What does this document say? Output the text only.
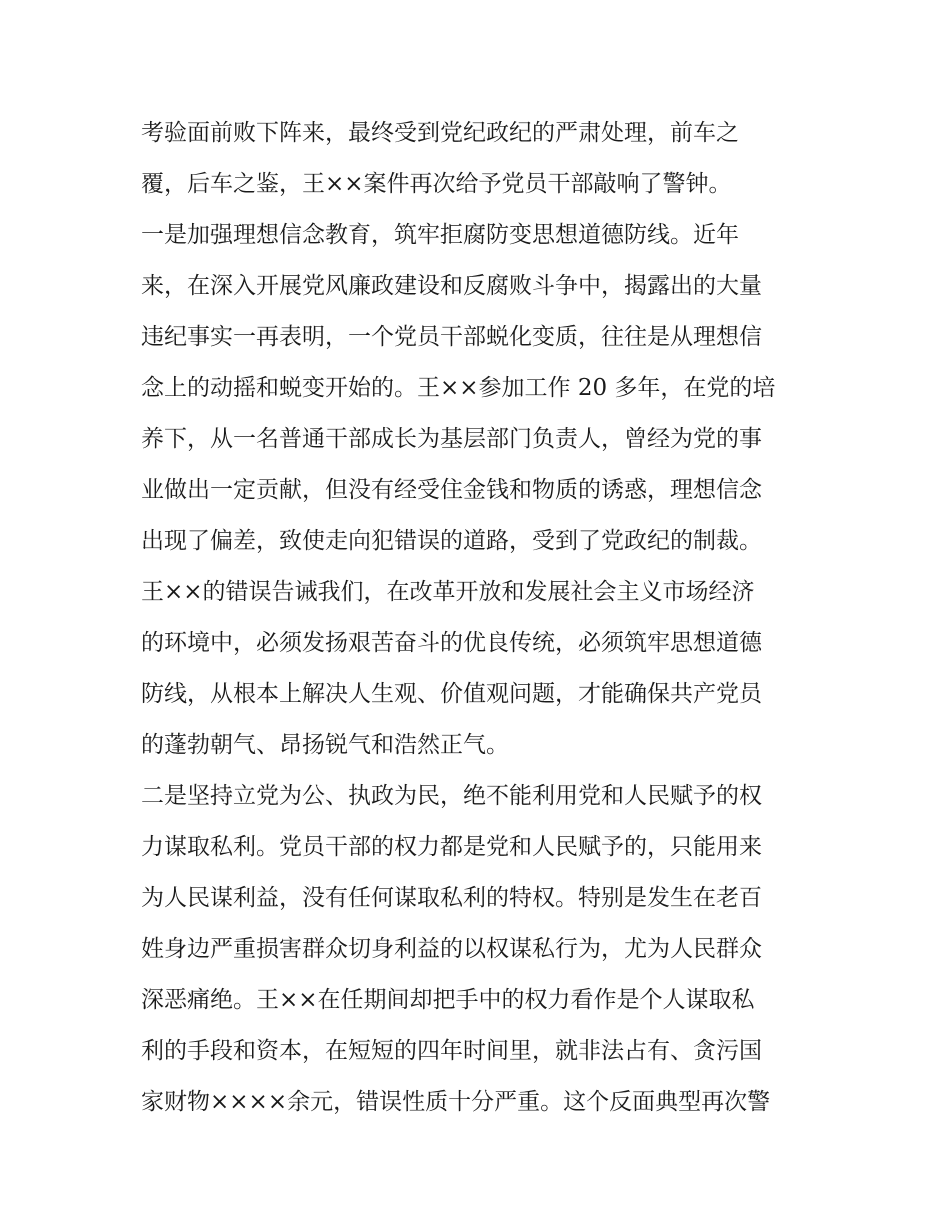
考验面前败下阵来，最终受到党纪政纪的严肃处理，前车之
覆，后车之鉴，王××案件再次给予党员干部敲响了警钟。
一是加强理想信念教育，筑牢拒腐防变思想道德防线。近年
来，在深入开展党风廉政建设和反腐败斗争中，揭露出的大量
违纪事实一再表明，一个党员干部蜕化变质，往往是从理想信
念上的动摇和蜕变开始的。王××参加工作 20 多年，在党的培
养下，从一名普通干部成长为基层部门负责人，曾经为党的事
业做出一定贡献，但没有经受住金钱和物质的诱惑，理想信念
出现了偏差，致使走向犯错误的道路，受到了党政纪的制裁。
王××的错误告诫我们，在改革开放和发展社会主义市场经济
的环境中，必须发扬艰苦奋斗的优良传统，必须筑牢思想道德
防线，从根本上解决人生观、价值观问题，才能确保共产党员
的蓬勃朝气、昂扬锐气和浩然正气。
二是坚持立党为公、执政为民，绝不能利用党和人民赋予的权
力谋取私利。党员干部的权力都是党和人民赋予的，只能用来
为人民谋利益，没有任何谋取私利的特权。特别是发生在老百
姓身边严重损害群众切身利益的以权谋私行为，尤为人民群众
深恶痛绝。王××在任期间却把手中的权力看作是个人谋取私
利的手段和资本，在短短的四年时间里，就非法占有、贪污国
家财物××××余元，错误性质十分严重。这个反面典型再次警
